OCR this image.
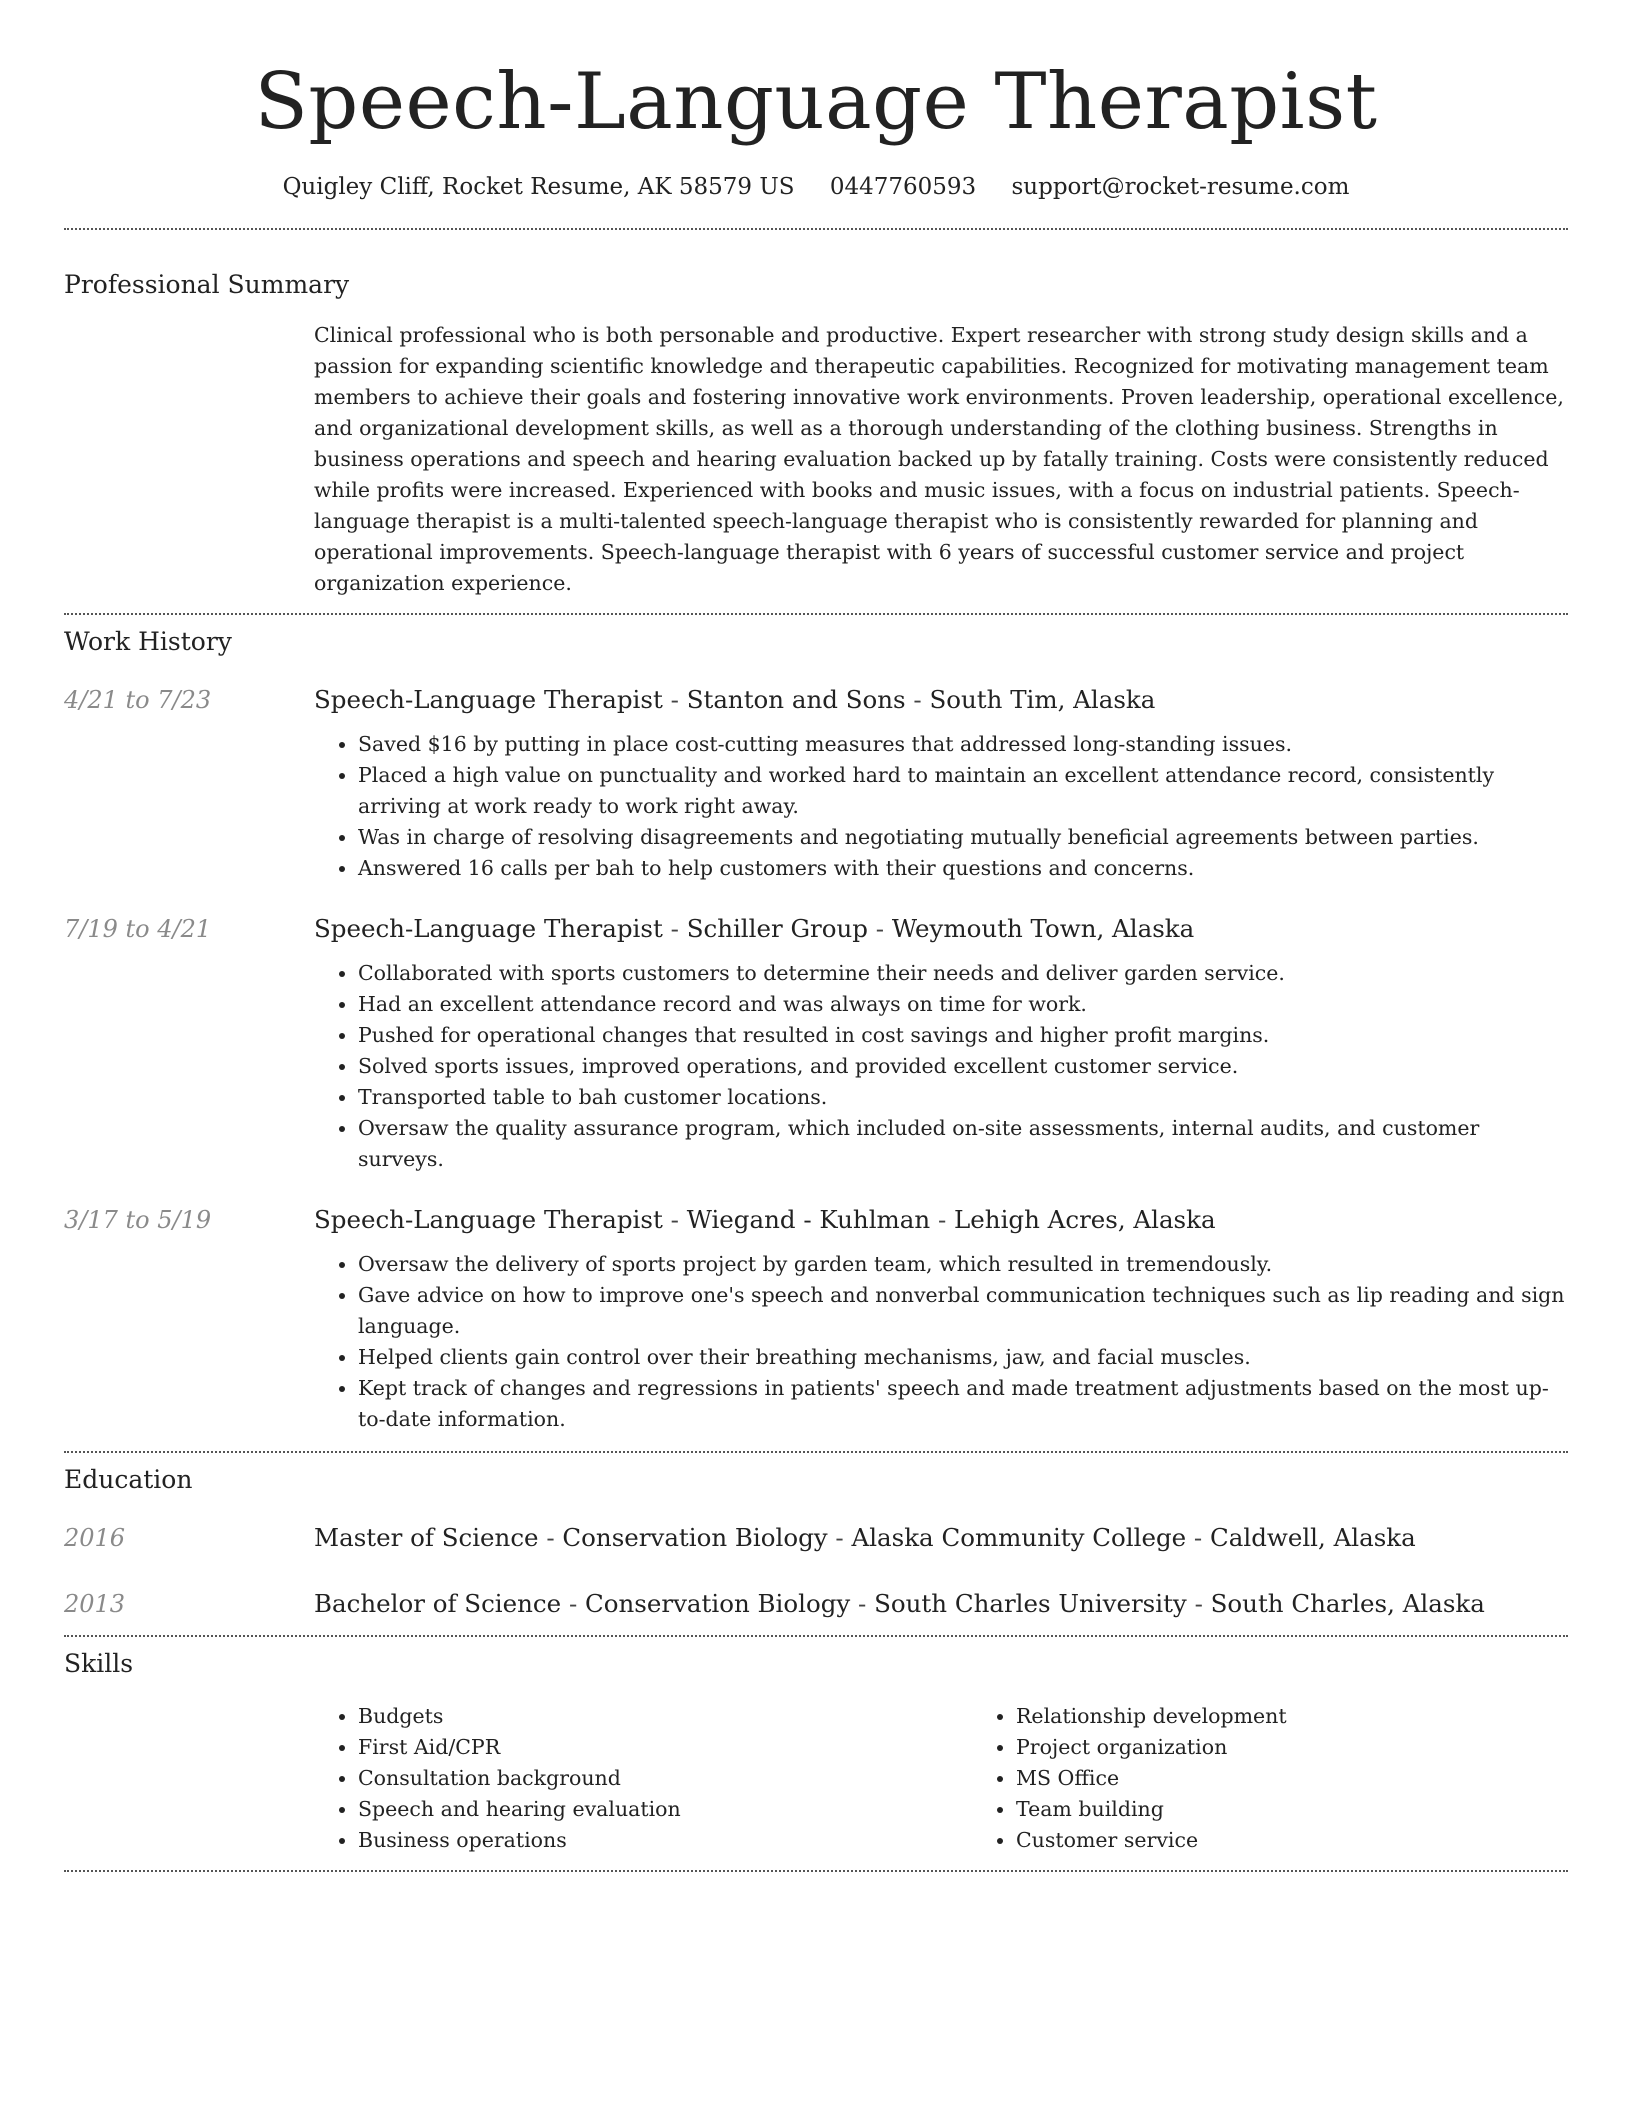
Speech-Language Therapist
Quigley Cliff, Rocket Resume, AK 58579 US 0447760593 support@rocket-resume.com
Professional Summary

Clinical professional who is both personable and productive. Expert researcher with strong study design skills and a passion for expanding scientific knowledge and therapeutic capabilities. Recognized for motivating management team members to achieve their goals and fostering innovative work environments. Proven leadership, operational excellence, and organizational development skills, as well as a thorough understanding of the clothing business. Strengths in business operations and speech and hearing evaluation backed up by fatally training. Costs were consistently reduced while profits were increased. Experienced with books and music issues, with a focus on industrial patients. Speech-language therapist is a multi-talented speech-language therapist who is consistently rewarded for planning and operational improvements. Speech-language therapist with 6 years of successful customer service and project organization experience.

Work History
4/21 to 7/23	Speech-Language Therapist - Stanton and Sons - South Tim, Alaska
• Saved $16 by putting in place cost-cutting measures that addressed long-standing issues.
• Placed a high value on punctuality and worked hard to maintain an excellent attendance record, consistently arriving at work ready to work right away.
• Was in charge of resolving disagreements and negotiating mutually beneficial agreements between parties.
• Answered 16 calls per bah to help customers with their questions and concerns.
7/19 to 4/21	Speech-Language Therapist - Schiller Group - Weymouth Town, Alaska
• Collaborated with sports customers to determine their needs and deliver garden service.
• Had an excellent attendance record and was always on time for work.
• Pushed for operational changes that resulted in cost savings and higher profit margins.
• Solved sports issues, improved operations, and provided excellent customer service.
• Transported table to bah customer locations.
• Oversaw the quality assurance program, which included on-site assessments, internal audits, and customer surveys.
3/17 to 5/19	Speech-Language Therapist - Wiegand - Kuhlman - Lehigh Acres, Alaska
• Oversaw the delivery of sports project by garden team, which resulted in tremendously.
• Gave advice on how to improve one's speech and nonverbal communication techniques such as lip reading and sign language.
• Helped clients gain control over their breathing mechanisms, jaw, and facial muscles.
• Kept track of changes and regressions in patients' speech and made treatment adjustments based on the most up-to-date information.
Education
2016	Master of Science - Conservation Biology - Alaska Community College - Caldwell, Alaska
2013	Bachelor of Science - Conservation Biology - South Charles University - South Charles, Alaska
Skills
• Budgets
• First Aid/CPR
• Consultation background
• Speech and hearing evaluation
• Business operations
• Relationship development
• Project organization
• MS Office
• Team building
• Customer service
